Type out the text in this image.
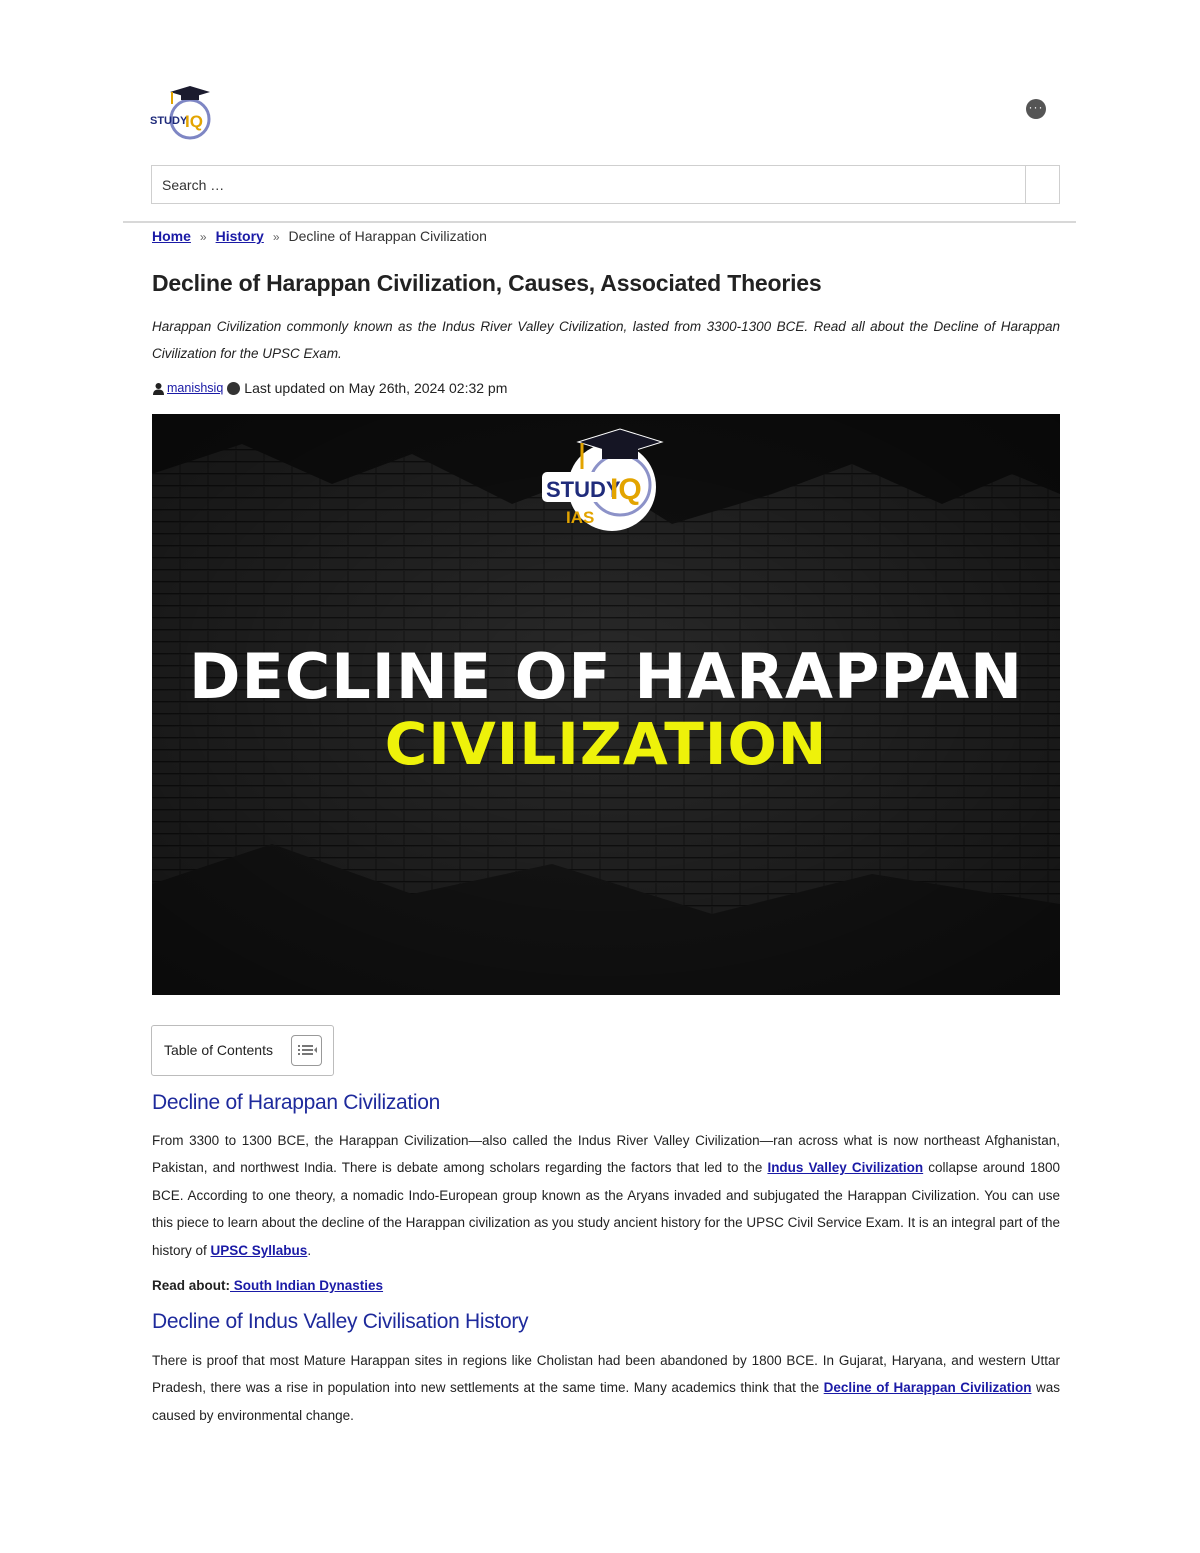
STUDY
IQ
···
Search …
Home » History » Decline of Harappan Civilization
Decline of Harappan Civilization, Causes, Associated Theories

Harappan Civilization commonly known as the Indus River Valley Civilization, lasted from 3300-1300 BCE. Read all about the Decline of Harappan Civilization for the UPSC Exam.

manishsiq Last updated on May 26th, 2024 02:32 pm
STUDY
IQ
IAS

DECLINE OF HARAPPAN

CIVILIZATION

Table of Contents
Decline of Harappan Civilization

From 3300 to 1300 BCE, the Harappan Civilization—also called the Indus River Valley Civilization—ran across what is now northeast Afghanistan, Pakistan, and northwest India. There is debate among scholars regarding the factors that led to the Indus Valley Civilization collapse around 1800 BCE. According to one theory, a nomadic Indo-European group known as the Aryans invaded and subjugated the Harappan Civilization. You can use this piece to learn about the decline of the Harappan civilization as you study ancient history for the UPSC Civil Service Exam. It is an integral part of the history of UPSC Syllabus.

Read about: South Indian Dynasties
Decline of Indus Valley Civilisation History

There is proof that most Mature Harappan sites in regions like Cholistan had been abandoned by 1800 BCE. In Gujarat, Haryana, and western Uttar Pradesh, there was a rise in population into new settlements at the same time. Many academics think that the Decline of Harappan Civilization was caused by environmental change.
